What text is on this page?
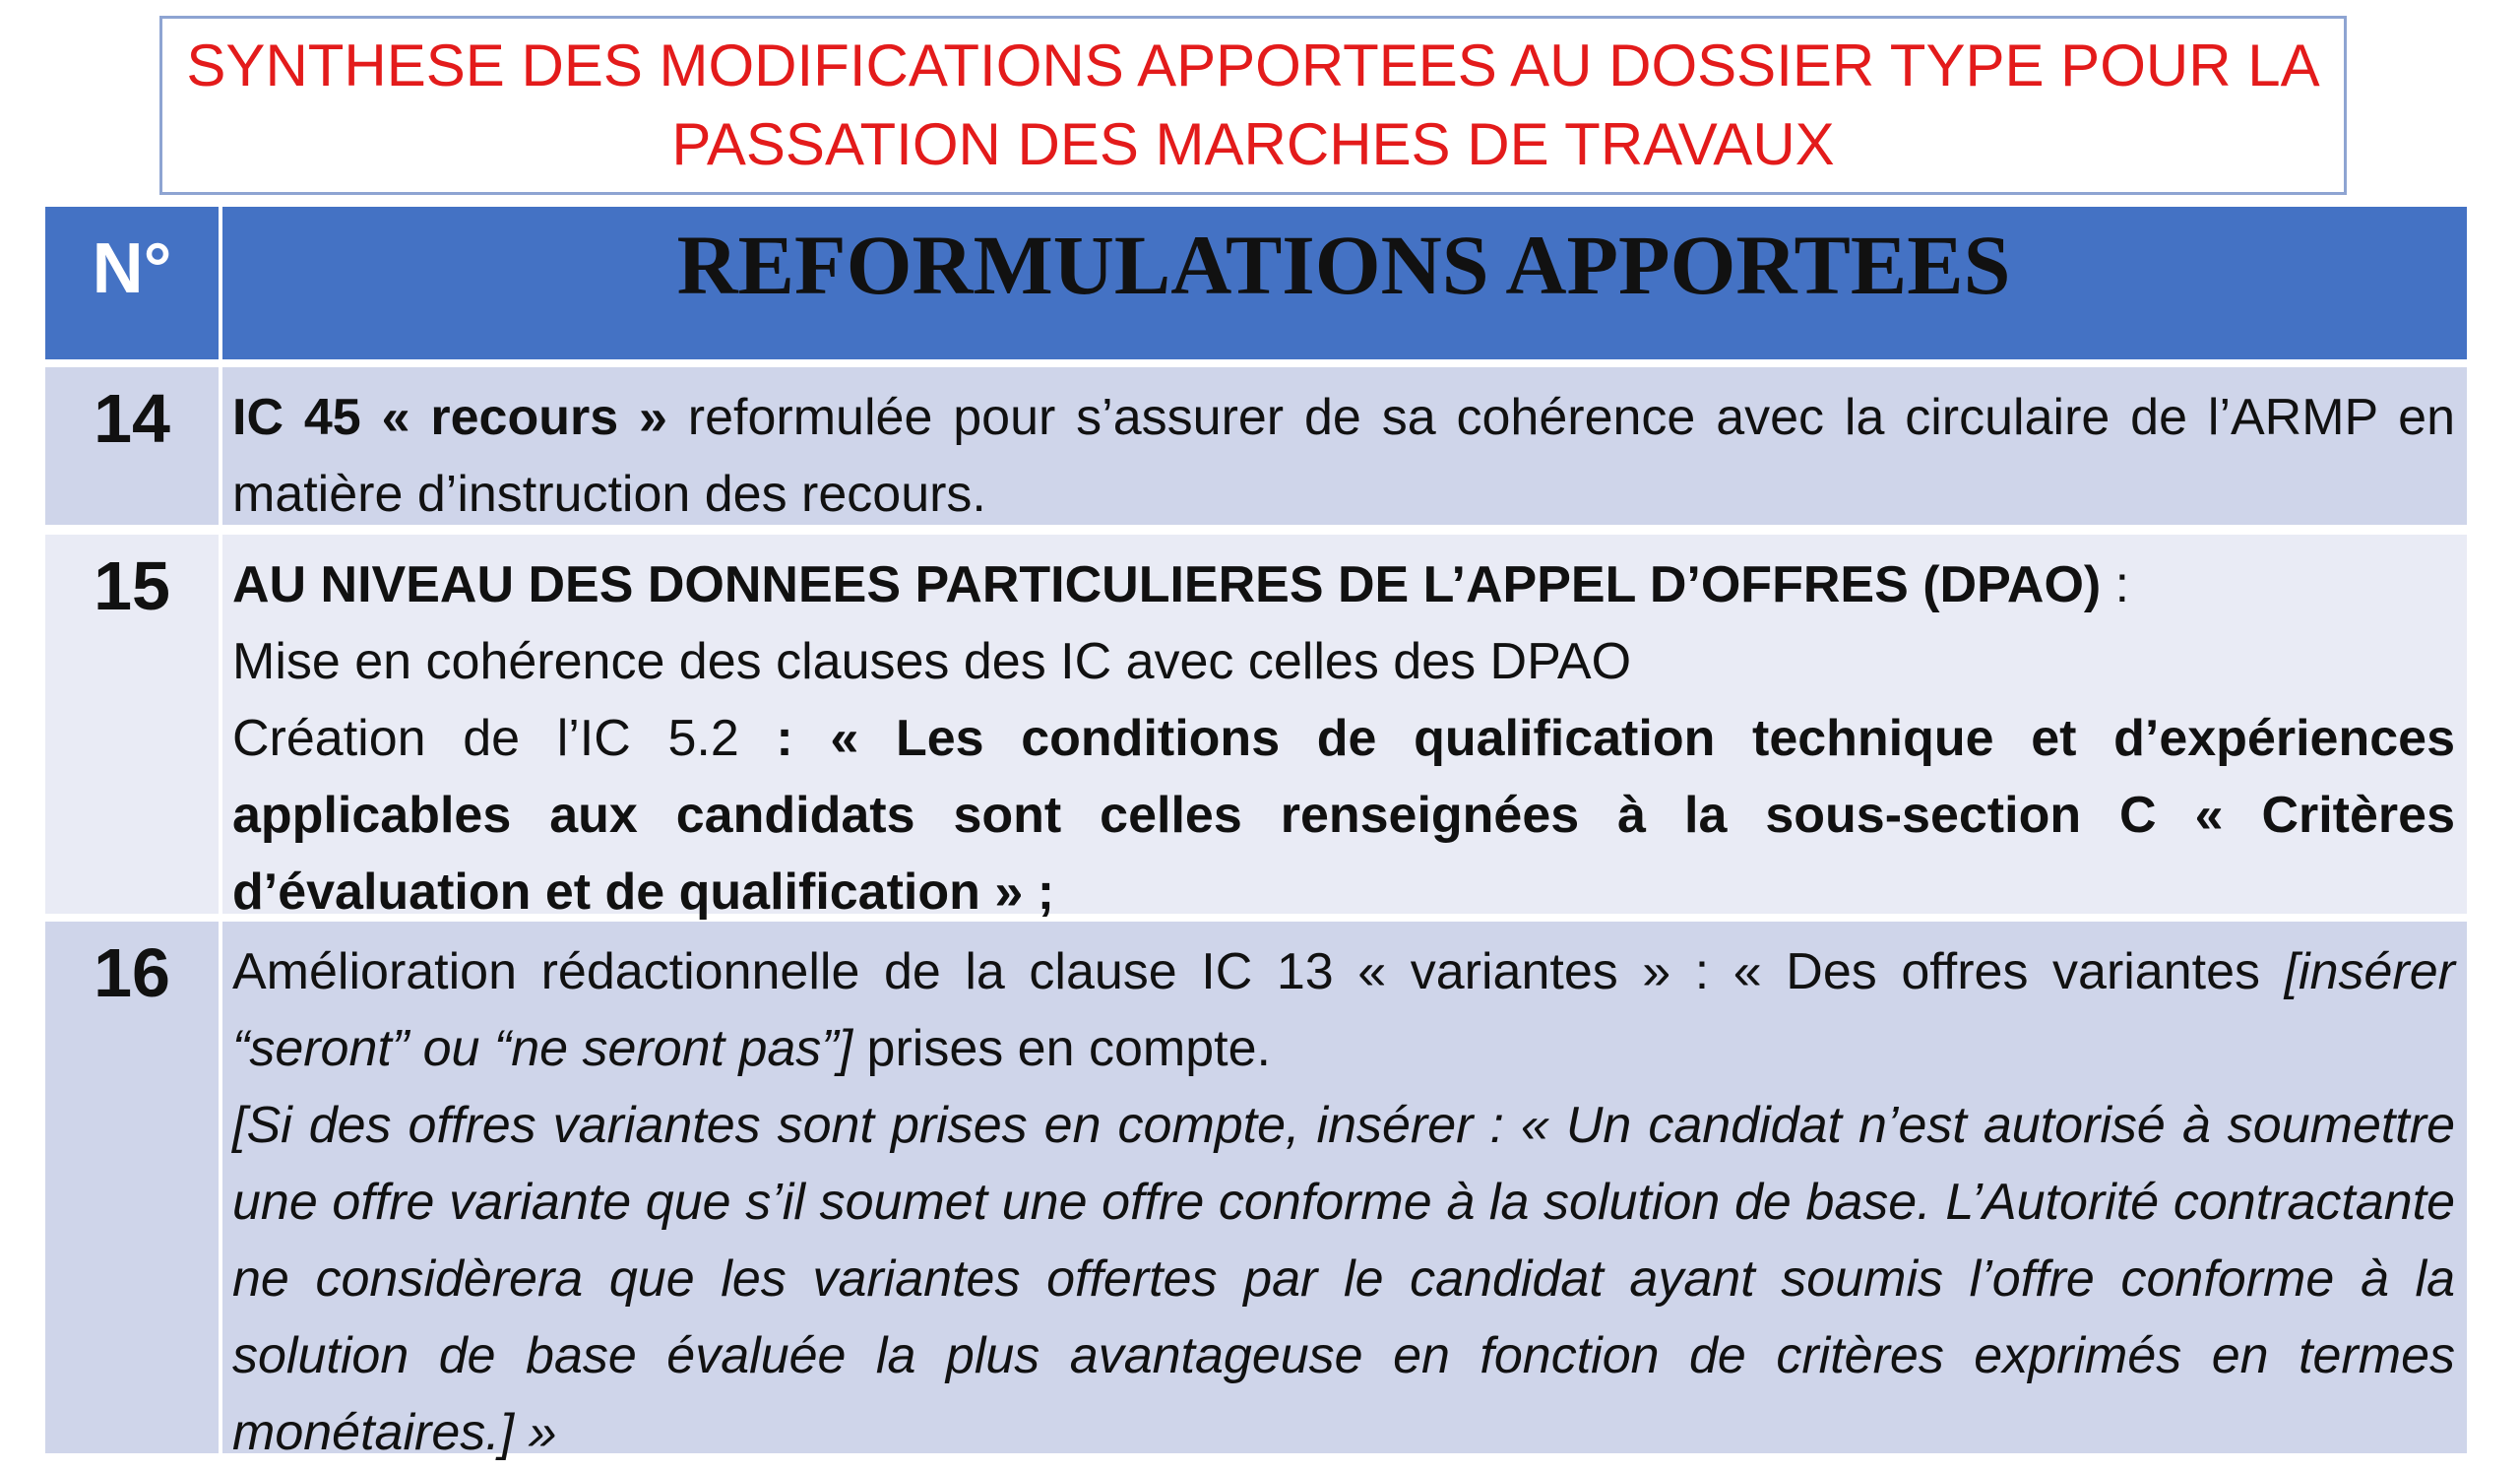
SYNTHESE DES MODIFICATIONS APPORTEES AU DOSSIER TYPE POUR LA
PASSATION DES MARCHES DE TRAVAUX
N°	REFORMULATIONS APPORTEES
14 IC 45 « recours » reformulée pour s’assurer de sa cohérence avec la circulaire de l’ARMP en matière d’instruction des recours.
15 AU NIVEAU DES DONNEES PARTICULIERES DE L’APPEL D’OFFRES (DPAO) :
Mise en cohérence des clauses des IC avec celles des DPAO
Création de l’IC 5.2 : « Les conditions de qualification technique et d’expériences applicables aux candidats sont celles renseignées à la sous-section C « Critères d’évaluation et de qualification » ;
16 Amélioration rédactionnelle de la clause IC 13 « variantes » : « Des offres variantes [insérer “seront” ou “ne seront pas”] prises en compte.
[Si des offres variantes sont prises en compte, insérer : « Un candidat n’est autorisé à soumettre une offre variante que s’il soumet une offre conforme à la solution de base. L’Autorité contractante ne considèrera que les variantes offertes par le candidat ayant soumis l’offre conforme à la solution de base évaluée la plus avantageuse en fonction de critères exprimés en termes monétaires.] »
